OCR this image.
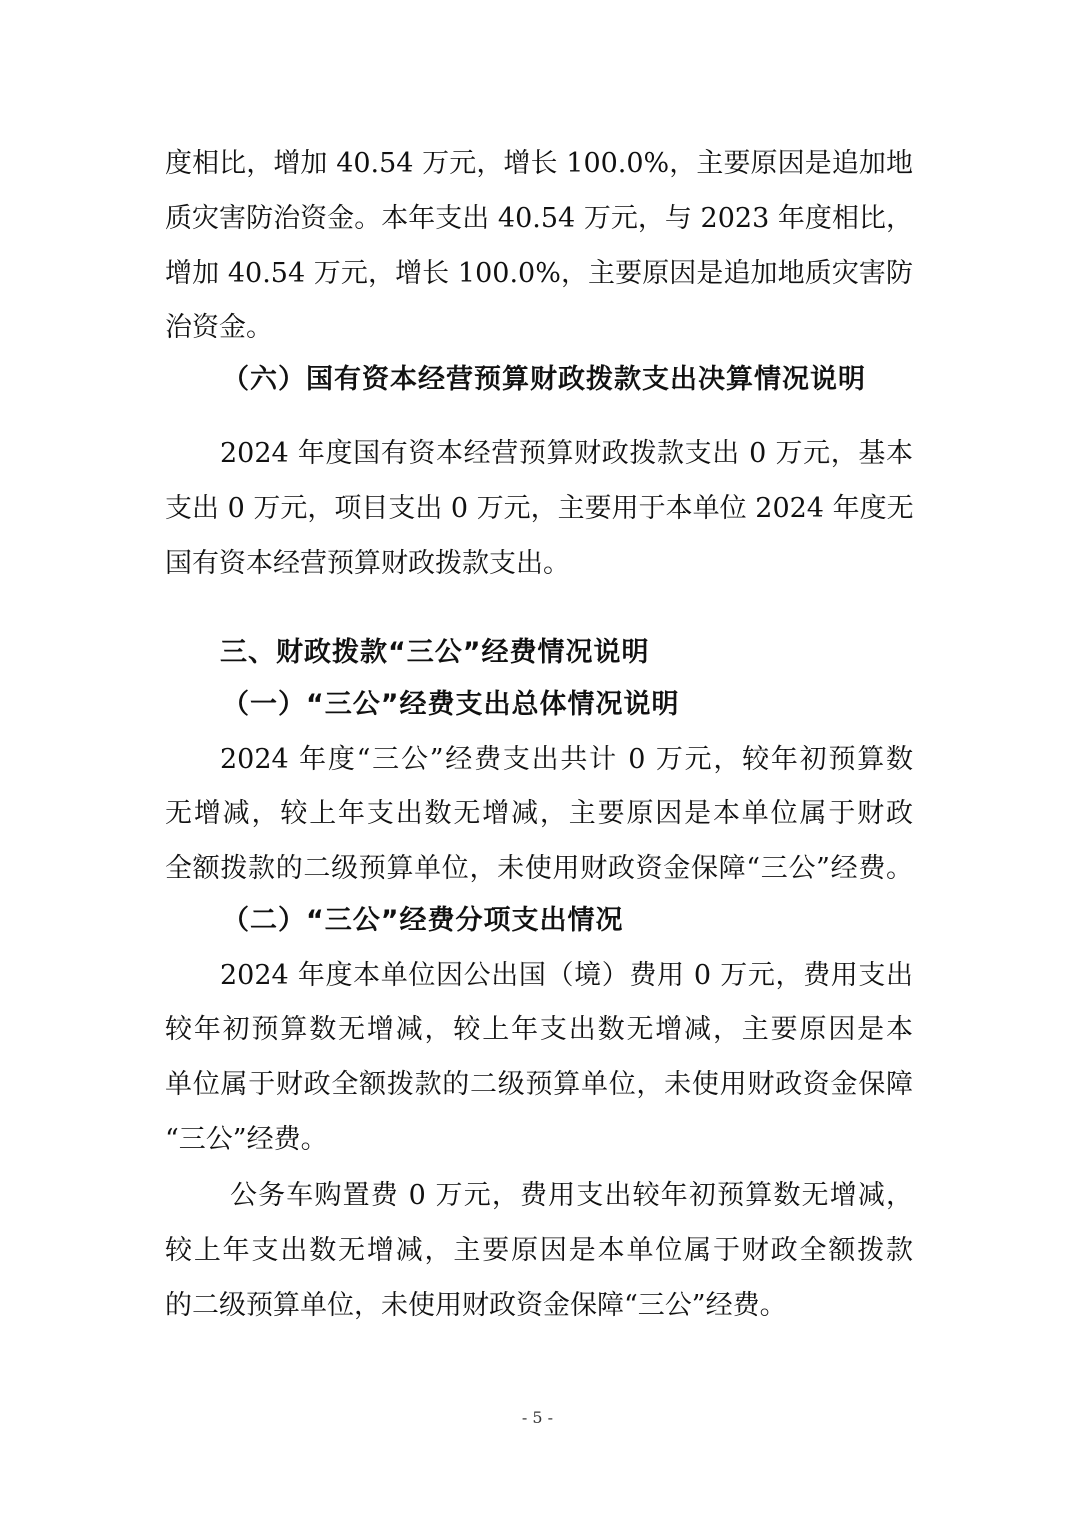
度相比，增加 40.54 万元，增长 100.0%，主要原因是追加地
质灾害防治资金。本年支出 40.54 万元，与 2023 年度相比，
增加 40.54 万元，增长 100.0%，主要原因是追加地质灾害防
治资金。
（六）国有资本经营预算财政拨款支出决算情况说明
2024 年度国有资本经营预算财政拨款支出 0 万元，基本
支出 0 万元，项目支出 0 万元，主要用于本单位 2024 年度无
国有资本经营预算财政拨款支出。
三、财政拨款“三公”经费情况说明
（一）“三公”经费支出总体情况说明
2024 年度“三公”经费支出共计 0 万元，较年初预算数
无增减，较上年支出数无增减，主要原因是本单位属于财政
全额拨款的二级预算单位，未使用财政资金保障“三公”经费。
（二）“三公”经费分项支出情况
2024 年度本单位因公出国（境）费用 0 万元，费用支出
较年初预算数无增减，较上年支出数无增减，主要原因是本
单位属于财政全额拨款的二级预算单位，未使用财政资金保障
“三公”经费。
公务车购置费 0 万元，费用支出较年初预算数无增减，
较上年支出数无增减，主要原因是本单位属于财政全额拨款
的二级预算单位，未使用财政资金保障“三公”经费。
- 5 -
